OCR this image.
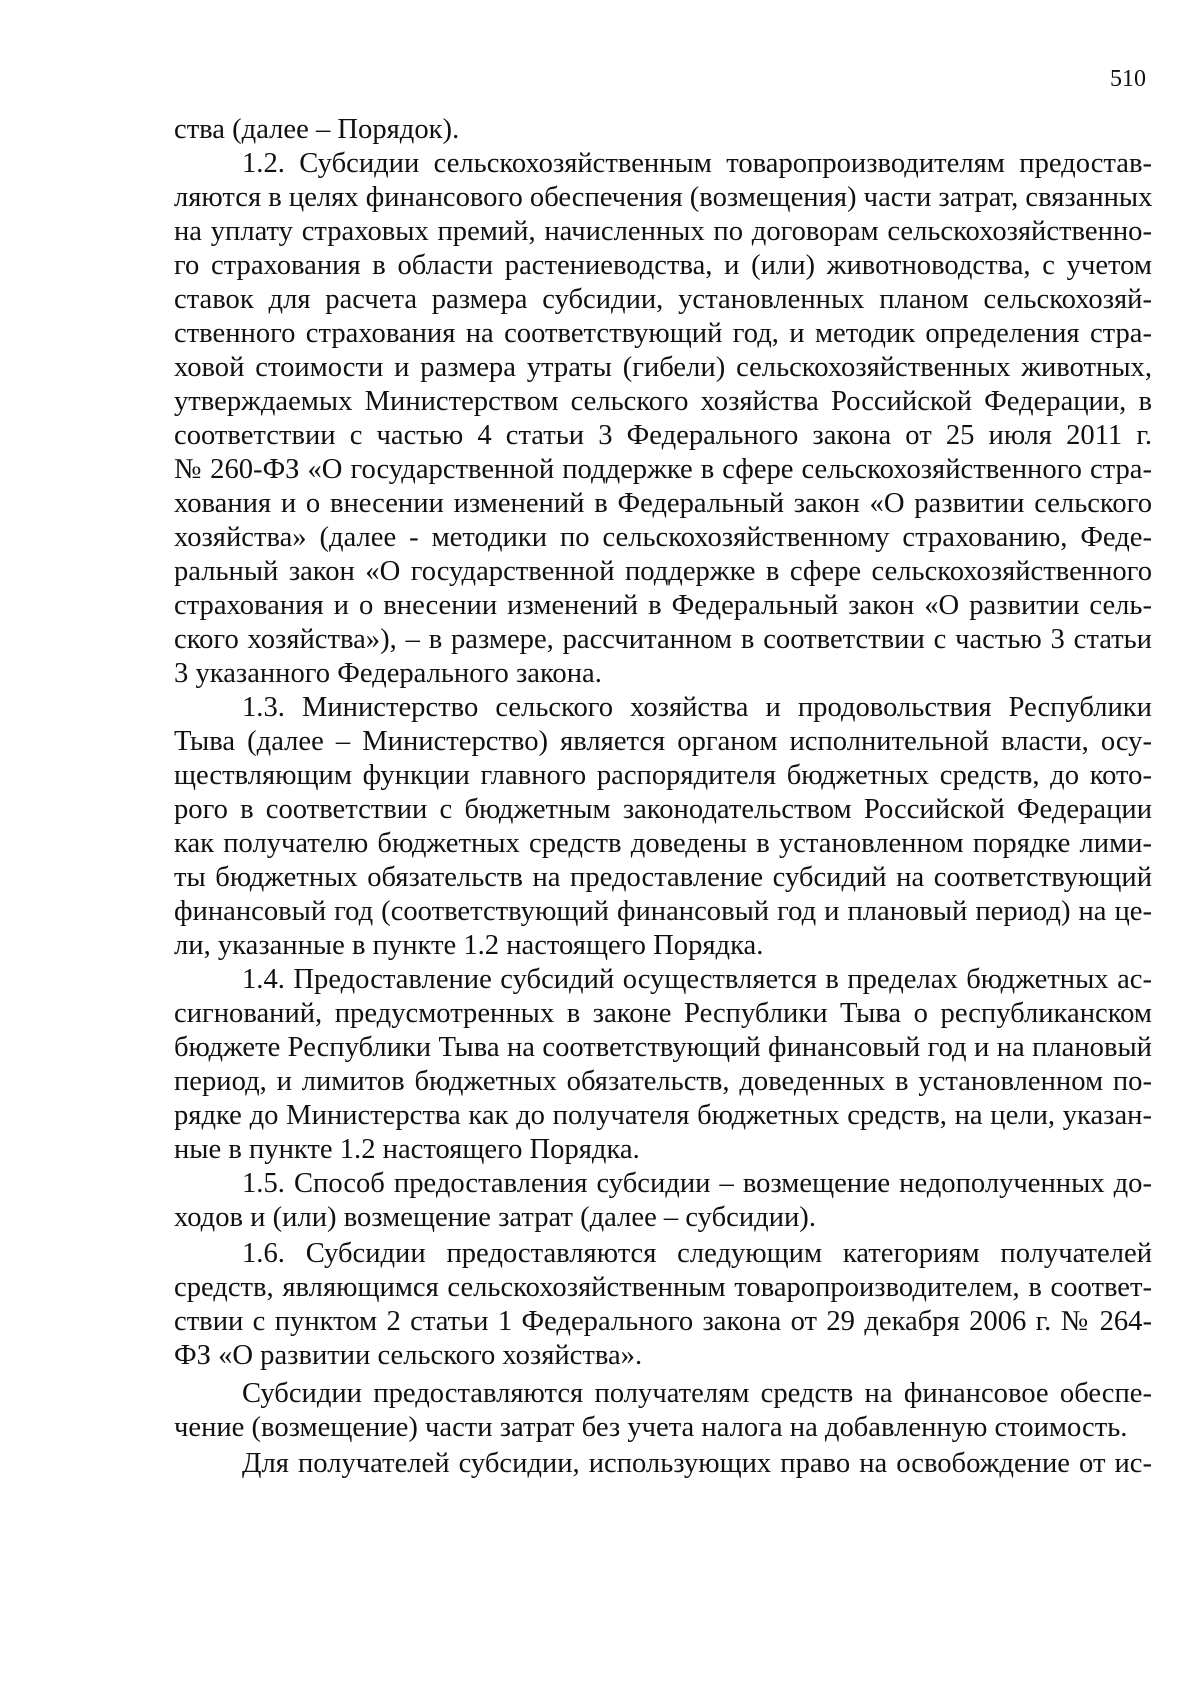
510
ства (далее – Порядок).
1.2. Субсидии сельскохозяйственным товаропроизводителям предостав-
ляются в целях финансового обеспечения (возмещения) части затрат, связанных
на уплату страховых премий, начисленных по договорам сельскохозяйственно-
го страхования в области растениеводства, и (или) животноводства, с учетом
ставок для расчета размера субсидии, установленных планом сельскохозяй-
ственного страхования на соответствующий год, и методик определения стра-
ховой стоимости и размера утраты (гибели) сельскохозяйственных животных,
утверждаемых Министерством сельского хозяйства Российской Федерации, в
соответствии с частью 4 статьи 3 Федерального закона от 25 июля 2011 г.
№ 260-ФЗ «О государственной поддержке в сфере сельскохозяйственного стра-
хования и о внесении изменений в Федеральный закон «О развитии сельского
хозяйства» (далее - методики по сельскохозяйственному страхованию, Феде-
ральный закон «О государственной поддержке в сфере сельскохозяйственного
страхования и о внесении изменений в Федеральный закон «О развитии сель-
ского хозяйства»), – в размере, рассчитанном в соответствии с частью 3 статьи
3 указанного Федерального закона.
1.3. Министерство сельского хозяйства и продовольствия Республики
Тыва (далее – Министерство) является органом исполнительной власти, осу-
ществляющим функции главного распорядителя бюджетных средств, до кото-
рого в соответствии с бюджетным законодательством Российской Федерации
как получателю бюджетных средств доведены в установленном порядке лими-
ты бюджетных обязательств на предоставление субсидий на соответствующий
финансовый год (соответствующий финансовый год и плановый период) на це-
ли, указанные в пункте 1.2 настоящего Порядка.
1.4. Предоставление субсидий осуществляется в пределах бюджетных ас-
сигнований, предусмотренных в законе Республики Тыва о республиканском
бюджете Республики Тыва на соответствующий финансовый год и на плановый
период, и лимитов бюджетных обязательств, доведенных в установленном по-
рядке до Министерства как до получателя бюджетных средств, на цели, указан-
ные в пункте 1.2 настоящего Порядка.
1.5. Способ предоставления субсидии – возмещение недополученных до-
ходов и (или) возмещение затрат (далее – субсидии).
1.6. Субсидии предоставляются следующим категориям получателей
средств, являющимся сельскохозяйственным товаропроизводителем, в соответ-
ствии с пунктом 2 статьи 1 Федерального закона от 29 декабря 2006 г. № 264-
ФЗ «О развитии сельского хозяйства».
Субсидии предоставляются получателям средств на финансовое обеспе-
чение (возмещение) части затрат без учета налога на добавленную стоимость.
Для получателей субсидии, использующих право на освобождение от ис-
